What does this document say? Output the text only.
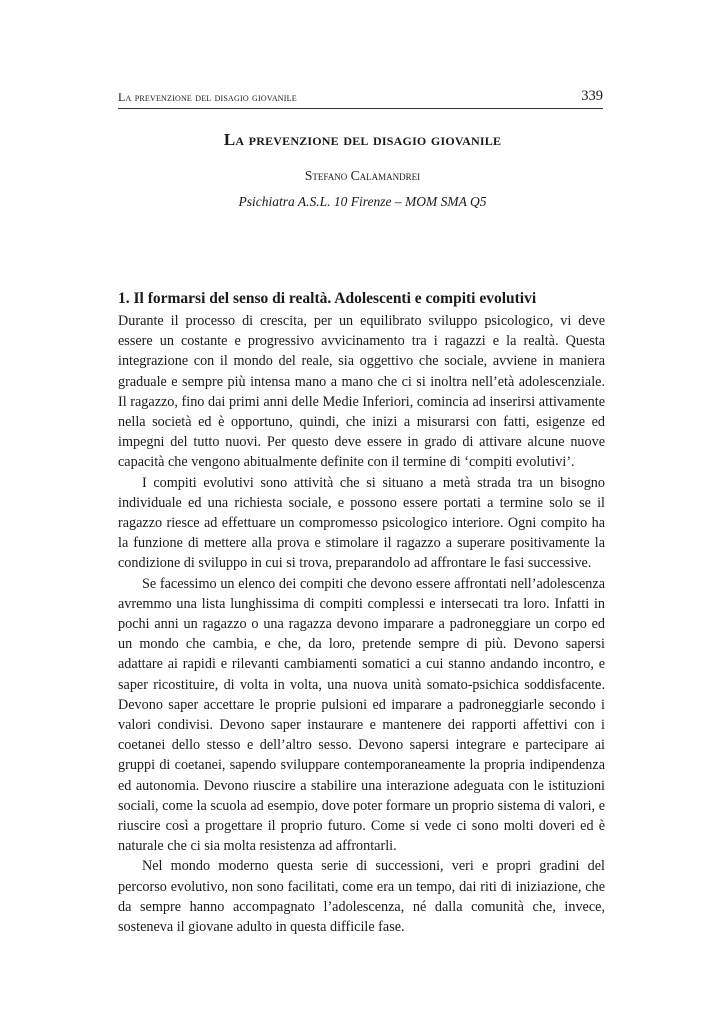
La prevenzione del disagio giovanile	339
La prevenzione del disagio giovanile
Stefano Calamandrei
Psichiatra A.S.L. 10 Firenze – MOM SMA Q5
1. Il formarsi del senso di realtà. Adolescenti e compiti evolutivi

Durante il processo di crescita, per un equilibrato sviluppo psicologico, vi deve essere un costante e progressivo avvicinamento tra i ragazzi e la realtà. Questa integrazione con il mondo del reale, sia oggettivo che sociale, avviene in maniera graduale e sempre più intensa mano a mano che ci si inoltra nell’età adolescenziale. Il ragazzo, fino dai primi anni delle Medie Inferiori, comincia ad inserirsi attivamente nella società ed è opportuno, quindi, che inizi a misurarsi con fatti, esigenze ed impegni del tutto nuovi. Per questo deve essere in grado di attivare alcune nuove capacità che vengono abitualmente definite con il termine di ‘compiti evolutivi’.

I compiti evolutivi sono attività che si situano a metà strada tra un bisogno individuale ed una richiesta sociale, e possono essere portati a termine solo se il ragazzo riesce ad effettuare un compromesso psicologico interiore. Ogni compito ha la funzione di mettere alla prova e stimolare il ragazzo a superare positivamente la condizione di sviluppo in cui si trova, preparandolo ad affrontare le fasi successive.

Se facessimo un elenco dei compiti che devono essere affrontati nell’adolescenza avremmo una lista lunghissima di compiti complessi e intersecati tra loro. Infatti in pochi anni un ragazzo o una ragazza devono imparare a padroneggiare un corpo ed un mondo che cambia, e che, da loro, pretende sempre di più. Devono sapersi adattare ai rapidi e rilevanti cambiamenti somatici a cui stanno andando incontro, e saper ricostituire, di volta in volta, una nuova unità somato-psichica soddisfacente. Devono saper accettare le proprie pulsioni ed imparare a padroneggiarle secondo i valori condivisi. Devono saper instaurare e mantenere dei rapporti affettivi con i coetanei dello stesso e dell’altro sesso. Devono sapersi integrare e partecipare ai gruppi di coetanei, sapendo sviluppare contemporaneamente la propria indipendenza ed autonomia. Devono riuscire a stabilire una interazione adeguata con le istituzioni sociali, come la scuola ad esempio, dove poter formare un proprio sistema di valori, e riuscire così a progettare il proprio futuro. Come si vede ci sono molti doveri ed è naturale che ci sia molta resistenza ad affrontarli.

Nel mondo moderno questa serie di successioni, veri e propri gradini del percorso evolutivo, non sono facilitati, come era un tempo, dai riti di iniziazione, che da sempre hanno accompagnato l’adolescenza, né dalla comunità che, invece, sosteneva il giovane adulto in questa difficile fase.
